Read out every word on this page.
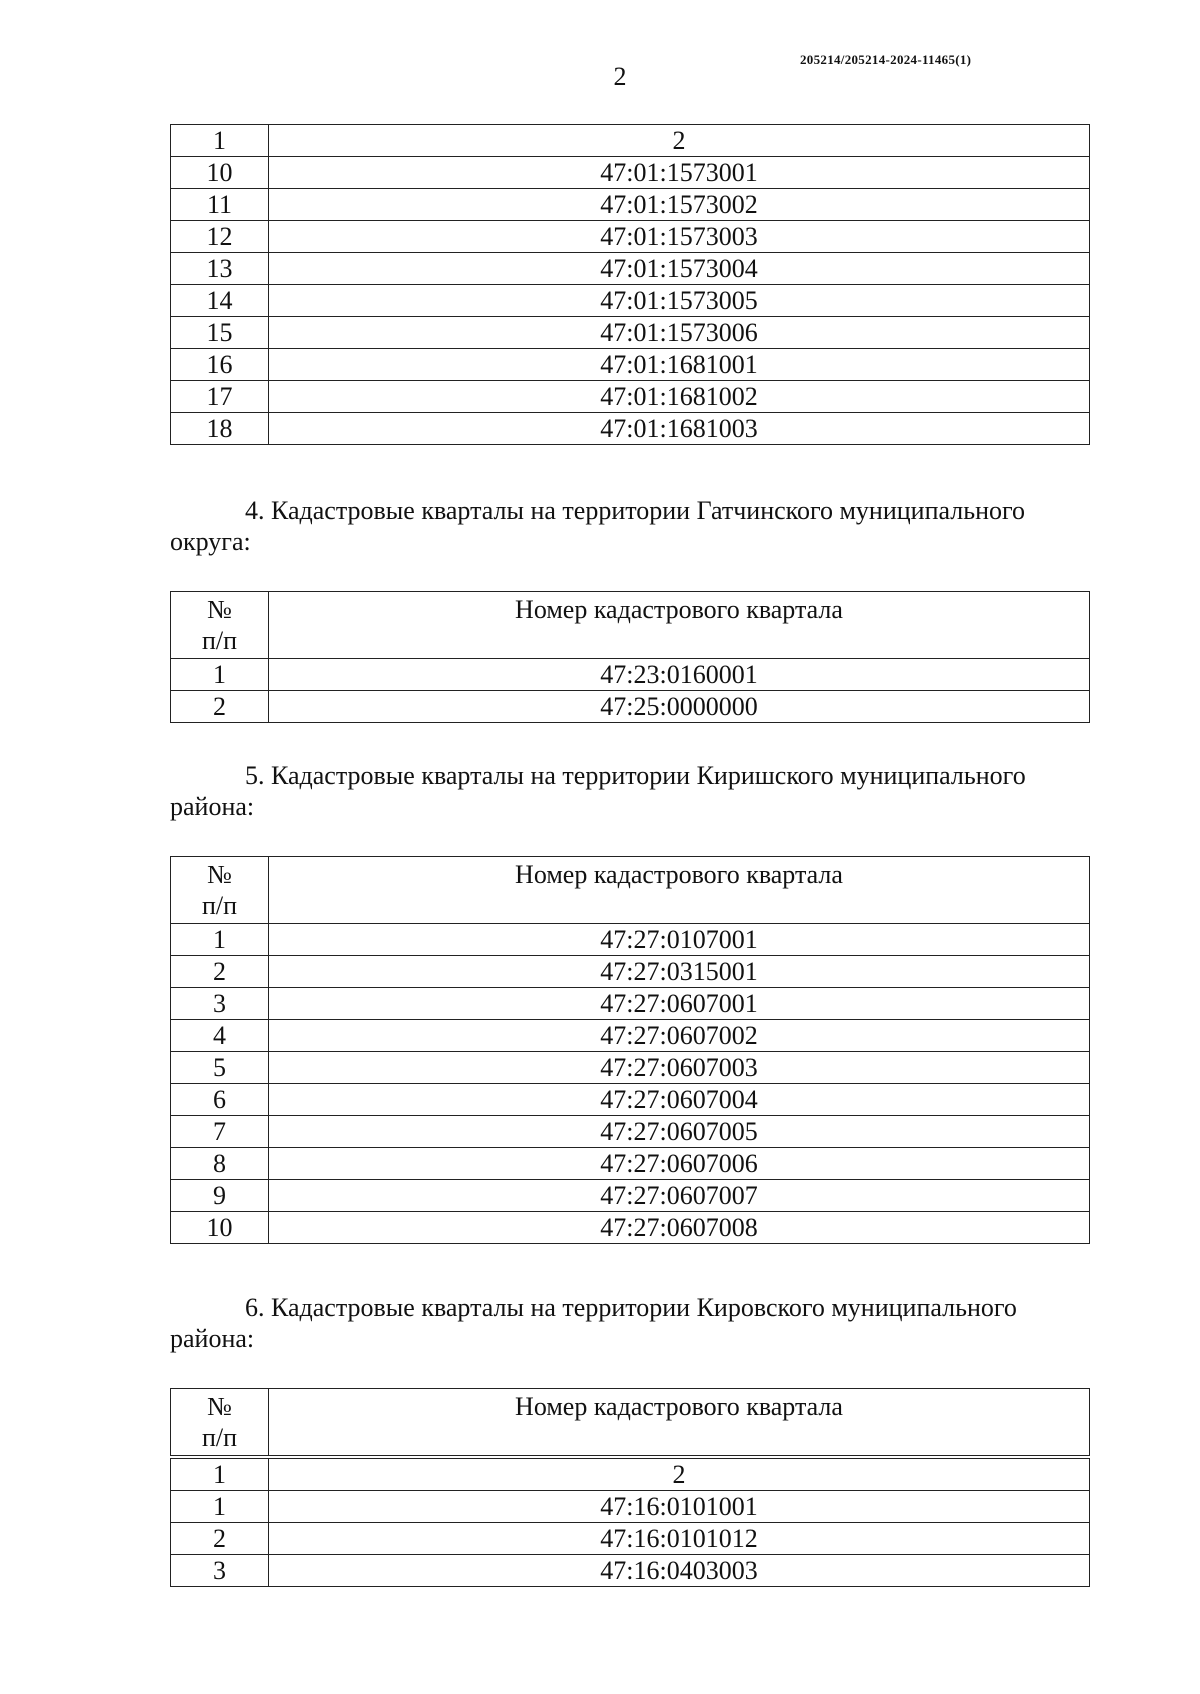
205214/205214-2024-11465(1)
2
1	2
10	47:01:1573001
11	47:01:1573002
12	47:01:1573003
13	47:01:1573004
14	47:01:1573005
15	47:01:1573006
16	47:01:1681001
17	47:01:1681002
18	47:01:1681003
4. Кадастровые кварталы на территории Гатчинского муниципального
округа:
№
п/п	Номер кадастрового квартала

1	47:23:0160001
2	47:25:0000000
5. Кадастровые кварталы на территории Киришского муниципального
района:
№
п/п	Номер кадастрового квартала

1	47:27:0107001
2	47:27:0315001
3	47:27:0607001
4	47:27:0607002
5	47:27:0607003
6	47:27:0607004
7	47:27:0607005
8	47:27:0607006
9	47:27:0607007
10	47:27:0607008
6. Кадастровые кварталы на территории Кировского муниципального
района:
№
п/п	Номер кадастрового квартала

1	2
1	47:16:0101001
2	47:16:0101012
3	47:16:0403003
